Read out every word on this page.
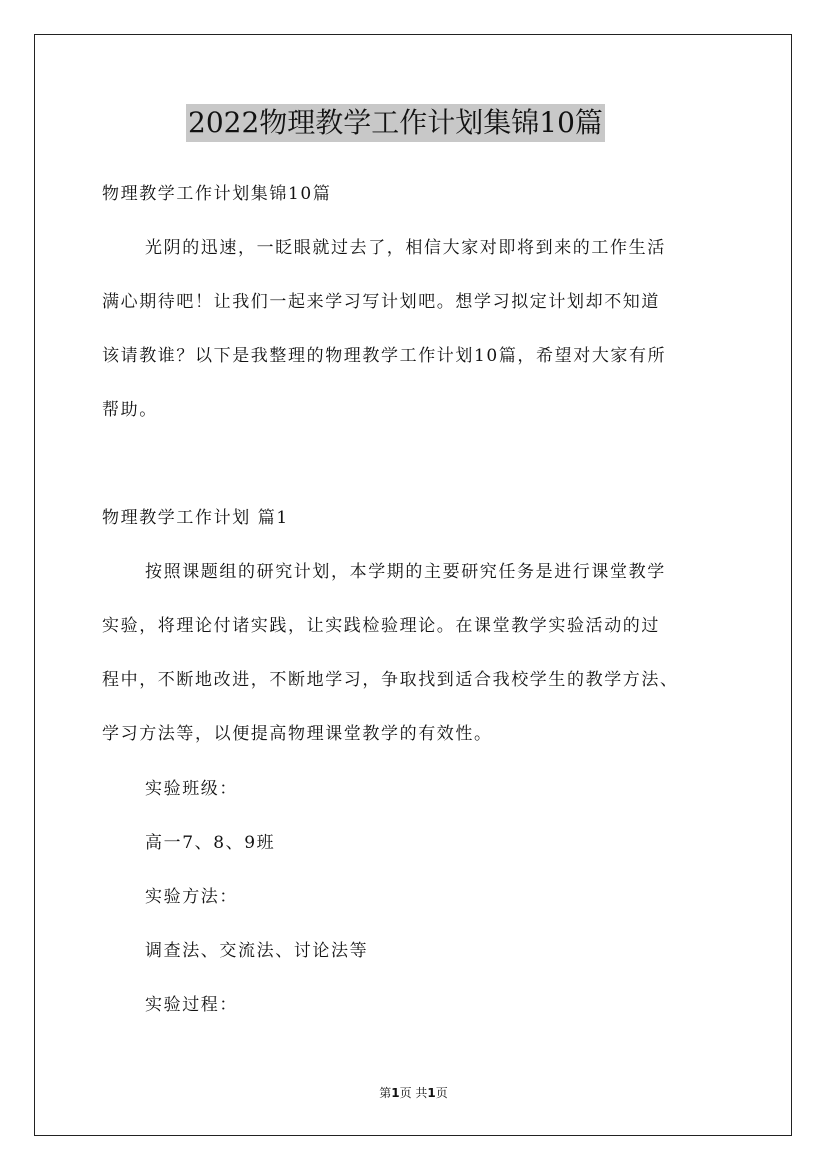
2022物理教学工作计划集锦10篇
物理教学工作计划集锦10篇
光阴的迅速，一眨眼就过去了，相信大家对即将到来的工作生活
满心期待吧！让我们一起来学习写计划吧。想学习拟定计划却不知道
该请教谁？以下是我整理的物理教学工作计划10篇，希望对大家有所
帮助。
物理教学工作计划 篇1
按照课题组的研究计划，本学期的主要研究任务是进行课堂教学
实验，将理论付诸实践，让实践检验理论。在课堂教学实验活动的过
程中，不断地改进，不断地学习，争取找到适合我校学生的教学方法、
学习方法等，以便提高物理课堂教学的有效性。
实验班级：
高一7、8、9班
实验方法：
调查法、交流法、讨论法等
实验过程：
第1页 共1页
